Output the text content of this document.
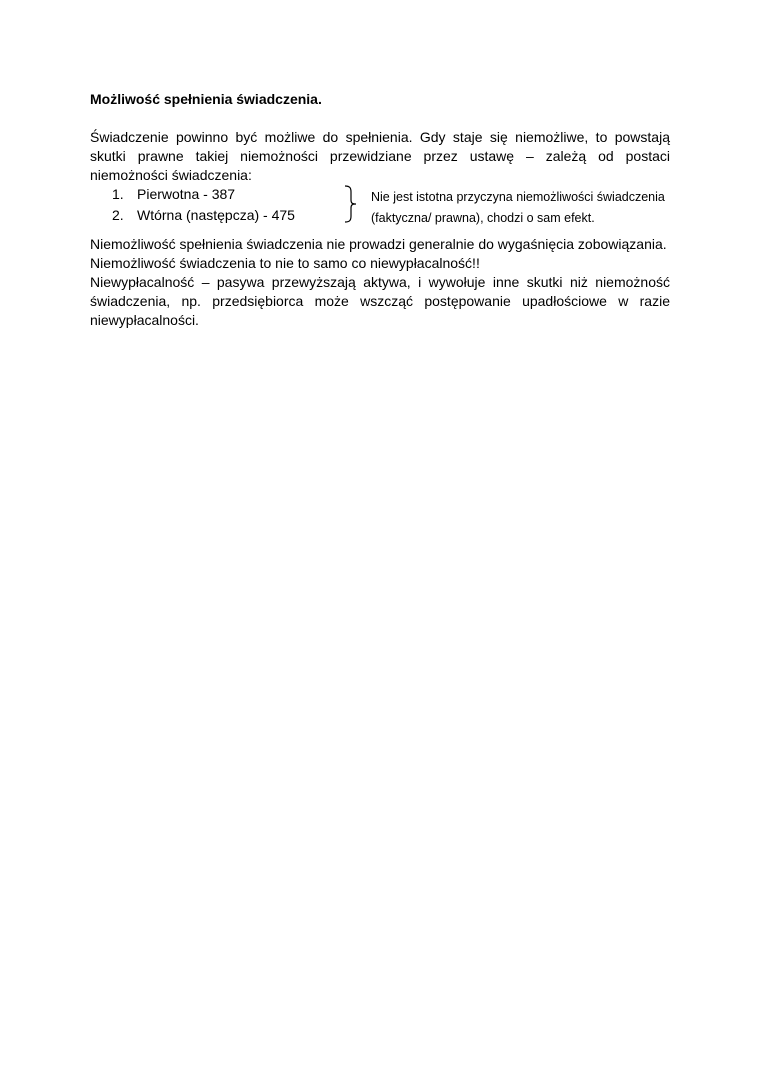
Możliwość spełnienia świadczenia.

Świadczenie powinno być możliwe do spełnienia. Gdy staje się niemożliwe, to powstają skutki prawne takiej niemożności przewidziane przez ustawę – zależą od postaci niemożności świadczenia:

1. Pierwotna - 387
2. Wtórna (następcza) - 475
Nie jest istotna przyczyna niemożliwości świadczenia
(faktyczna/ prawna), chodzi o sam efekt.

Niemożliwość spełnienia świadczenia nie prowadzi generalnie do wygaśnięcia zobowiązania.

Niemożliwość świadczenia to nie to samo co niewypłacalność!!

Niewypłacalność – pasywa przewyższają aktywa, i wywołuje inne skutki niż niemożność świadczenia, np. przedsiębiorca może wszcząć postępowanie upadłościowe w razie niewypłacalności.
